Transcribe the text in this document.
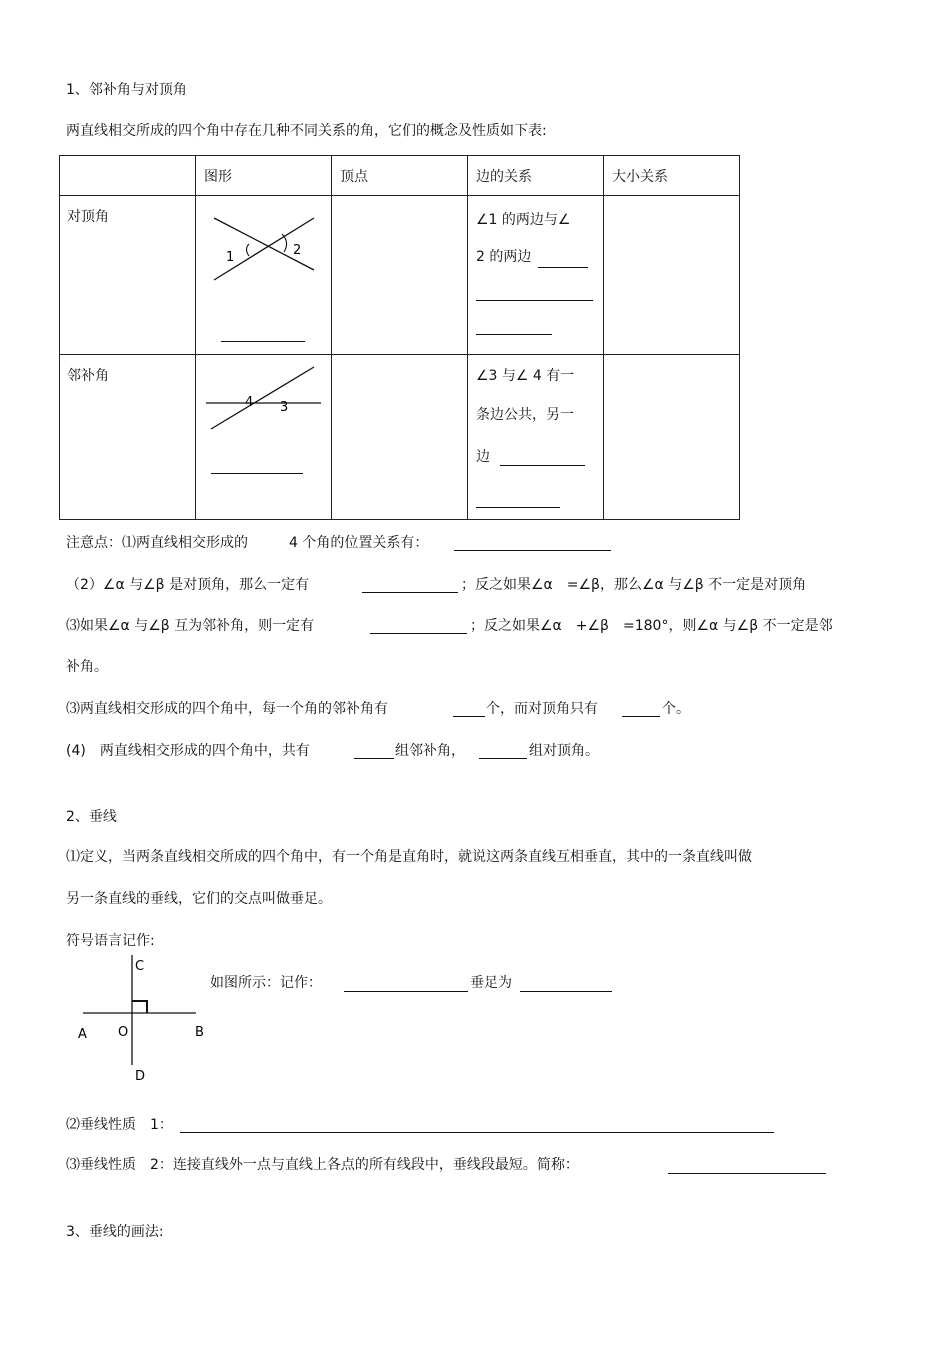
1、邻补角与对顶角
两直线相交所成的四个角中存在几种不同关系的角，它们的概念及性质如下表:

	图形	顶点	边的关系	大小关系

对顶角	1 2		∠1 的两边与∠
2 的两边	

邻补角	4 3		∠3 与∠ 4 有一
条边公共，另一
边	

注意点：⑴两直线相交形成的	4 个角的位置关系有：
（2）∠α 与∠β 是对顶角，那么一定有	；反之如果∠α　=∠β，那么∠α 与∠β 不一定是对顶角
⑶如果∠α 与∠β 互为邻补角，则一定有	；反之如果∠α　+∠β　=180°，则∠α 与∠β 不一定是邻
补角。
⑶两直线相交形成的四个角中，每一个角的邻补角有	个，而对顶角只有	个。
(4)　两直线相交形成的四个角中，共有	组邻补角，	组对顶角。
2、垂线
⑴定义，当两条直线相交所成的四个角中，有一个角是直角时，就说这两条直线互相垂直，其中的一条直线叫做
另一条直线的垂线，它们的交点叫做垂足。
符号语言记作:
C
A O	B
D
如图所示：记作：	垂足为
⑵垂线性质　1：
⑶垂线性质　2：连接直线外一点与直线上各点的所有线段中，垂线段最短。简称：
3、垂线的画法:
